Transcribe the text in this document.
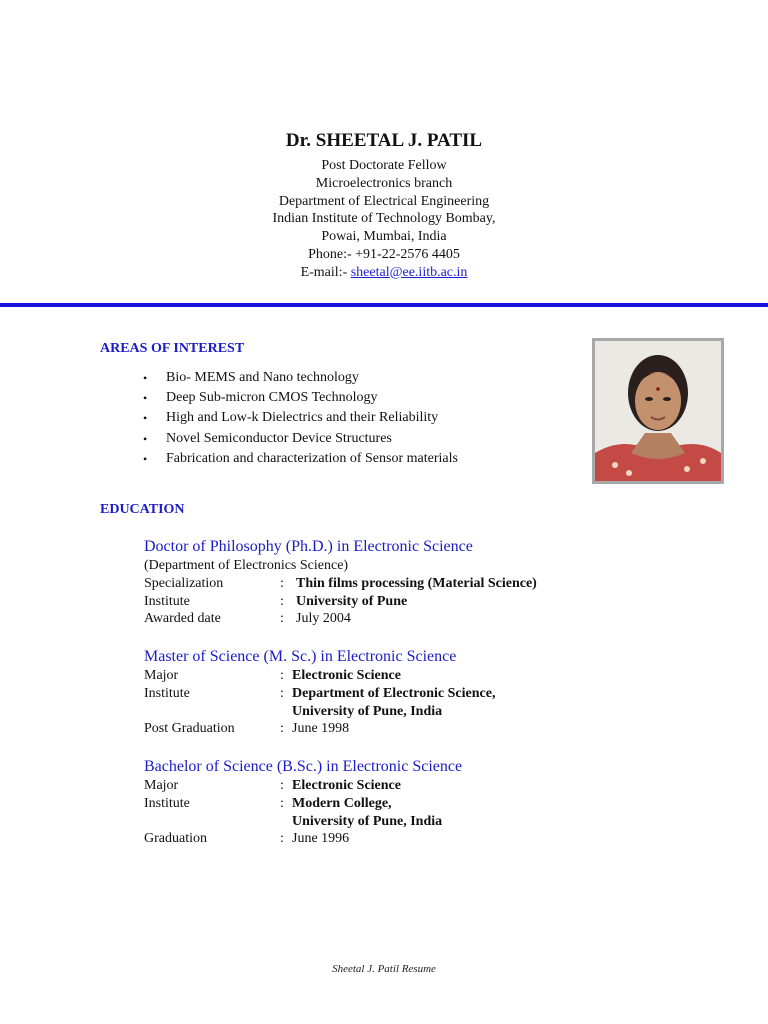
Dr. SHEETAL J. PATIL
Post Doctorate Fellow
Microelectronics branch
Department of Electrical Engineering
Indian Institute of Technology Bombay,
Powai, Mumbai, India
Phone:- +91-22-2576 4405
E-mail:- sheetal@ee.iitb.ac.in
AREAS OF INTEREST
• Bio- MEMS and Nano technology
• Deep Sub-micron CMOS Technology
• High and Low-k Dielectrics and their Reliability
• Novel Semiconductor Device Structures
• Fabrication and characterization of Sensor materials
EDUCATION
Doctor of Philosophy (Ph.D.) in Electronic Science
(Department of Electronics Science)
Specialization	: Thin films processing (Material Science)
Institute	: University of Pune
Awarded date	: July 2004
Master of Science (M. Sc.) in Electronic Science
Major	: Electronic Science
Institute	: Department of Electronic Science,
University of Pune, India
Post Graduation	: June 1998
Bachelor of Science (B.Sc.) in Electronic Science
Major	: Electronic Science
Institute	: Modern College,
University of Pune, India
Graduation	: June 1996
Sheetal J. Patil Resume
